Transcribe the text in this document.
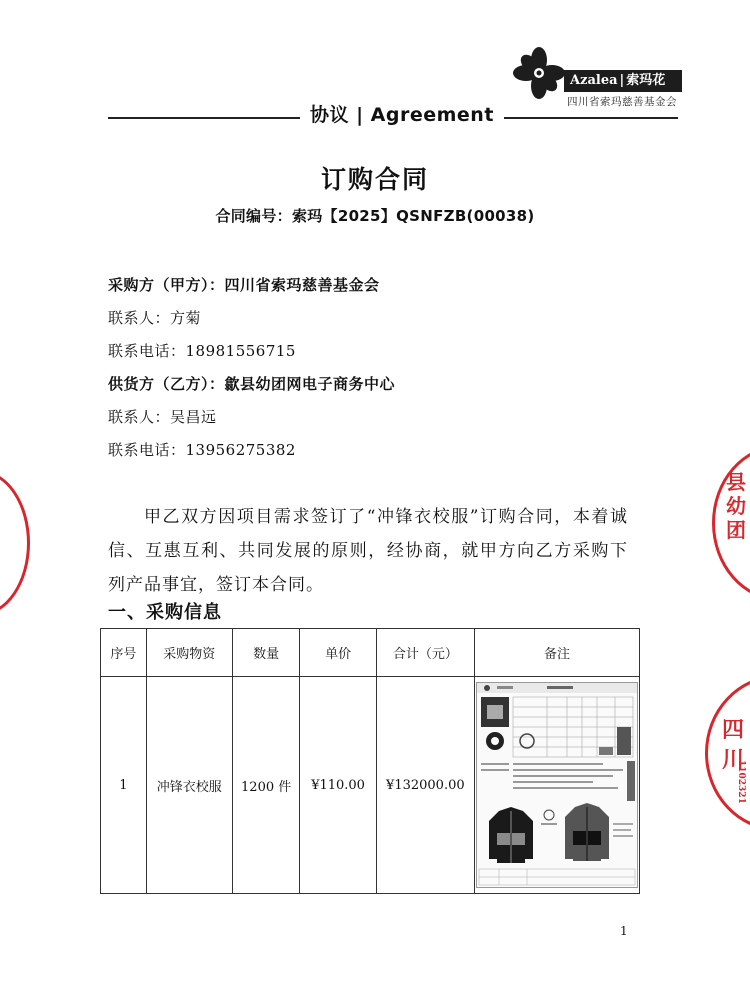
协议 | Agreement
Azalea | 索玛花
四川省索玛慈善基金会
订购合同
合同编号：索玛【2025】QSNFZB(00038)
采购方（甲方）：四川省索玛慈善基金会
联系人：方菊
联系电话：18981556715
供货方（乙方）：歙县幼团网电子商务中心
联系人：吴昌远
联系电话：13956275382
甲乙双方因项目需求签订了“冲锋衣校服”订购合同，本着诚信、互惠互利、共同发展的原则，经协商，就甲方向乙方采购下列产品事宜，签订本合同。
一、采购信息
序号	采购物资	数量	单价	合计（元）	备注
1	冲锋衣校服	1200 件	¥110.00	¥132000.00	
1
县幼团
四川
1102321
